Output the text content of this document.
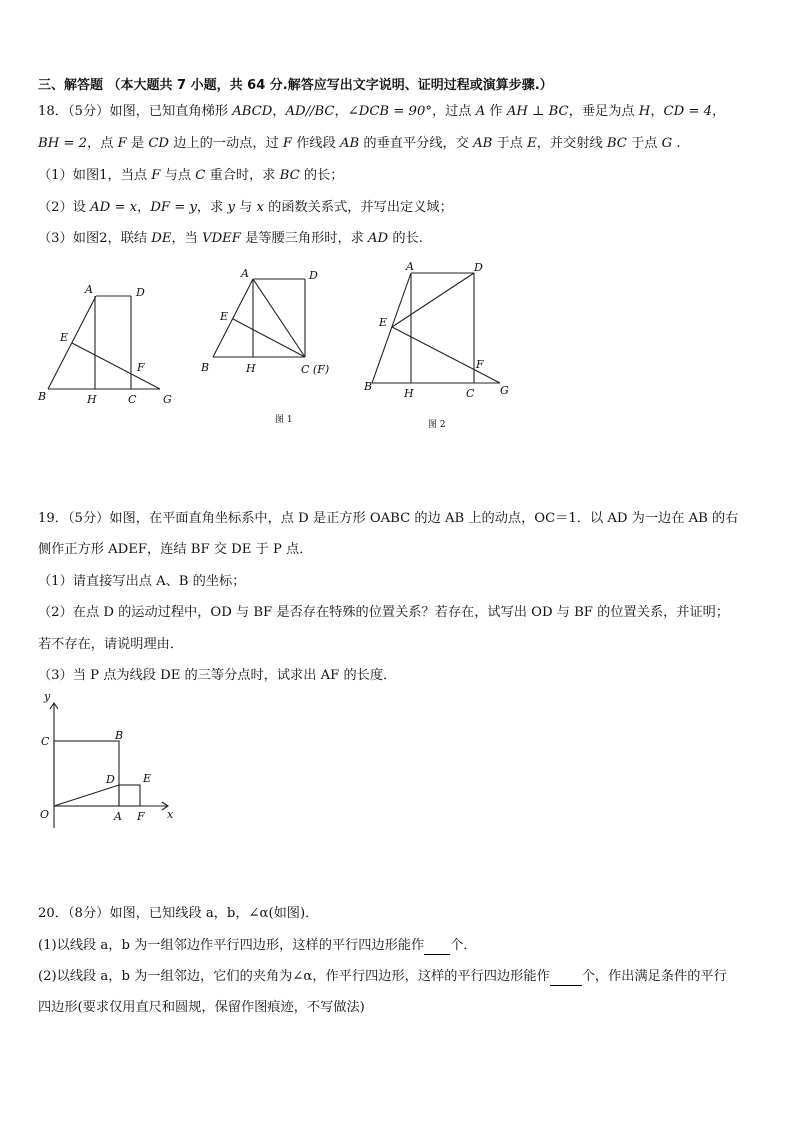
三、解答题 （本大题共 7 小题，共 64 分.解答应写出文字说明、证明过程或演算步骤.）
18．（5分）如图，已知直角梯形 ABCD，AD//BC，∠DCB = 90°，过点 A 作 AH ⊥ BC，垂足为点 H，CD = 4，
BH = 2，点 F 是 CD 边上的一动点，过 F 作线段 AB 的垂直平分线，交 AB 于点 E，并交射线 BC 于点 G .
（1）如图1，当点 F 与点 C 重合时，求 BC 的长；
（2）设 AD = x，DF = y，求 y 与 x 的函数关系式，并写出定义域；
（3）如图2，联结 DE，当 VDEF 是等腰三角形时，求 AD 的长.
A	D
E
F
B	H	C G
A	D
E
B	H	C (F)
A	D
E
F
B
H	C G
图 1	图 2
y
x
O	A F
B
C
D	E
19．（5分）如图，在平面直角坐标系中，点 D 是正方形 OABC 的边 AB 上的动点，OC＝1．以 AD 为一边在 AB 的右
侧作正方形 ADEF，连结 BF 交 DE 于 P 点．
（1）请直接写出点 A、B 的坐标；
（2）在点 D 的运动过程中，OD 与 BF 是否存在特殊的位置关系？若存在，试写出 OD 与 BF 的位置关系，并证明；
若不存在，请说明理由．
（3）当 P 点为线段 DE 的三等分点时，试求出 AF 的长度．
20．（8分）如图，已知线段 a，b，∠α(如图)．
(1)以线段 a，b 为一组邻边作平行四边形，这样的平行四边形能作 个．
(2)以线段 a，b 为一组邻边，它们的夹角为∠α，作平行四边形，这样的平行四边形能作 个，作出满足条件的平行
四边形(要求仅用直尺和圆规，保留作图痕迹，不写做法)
